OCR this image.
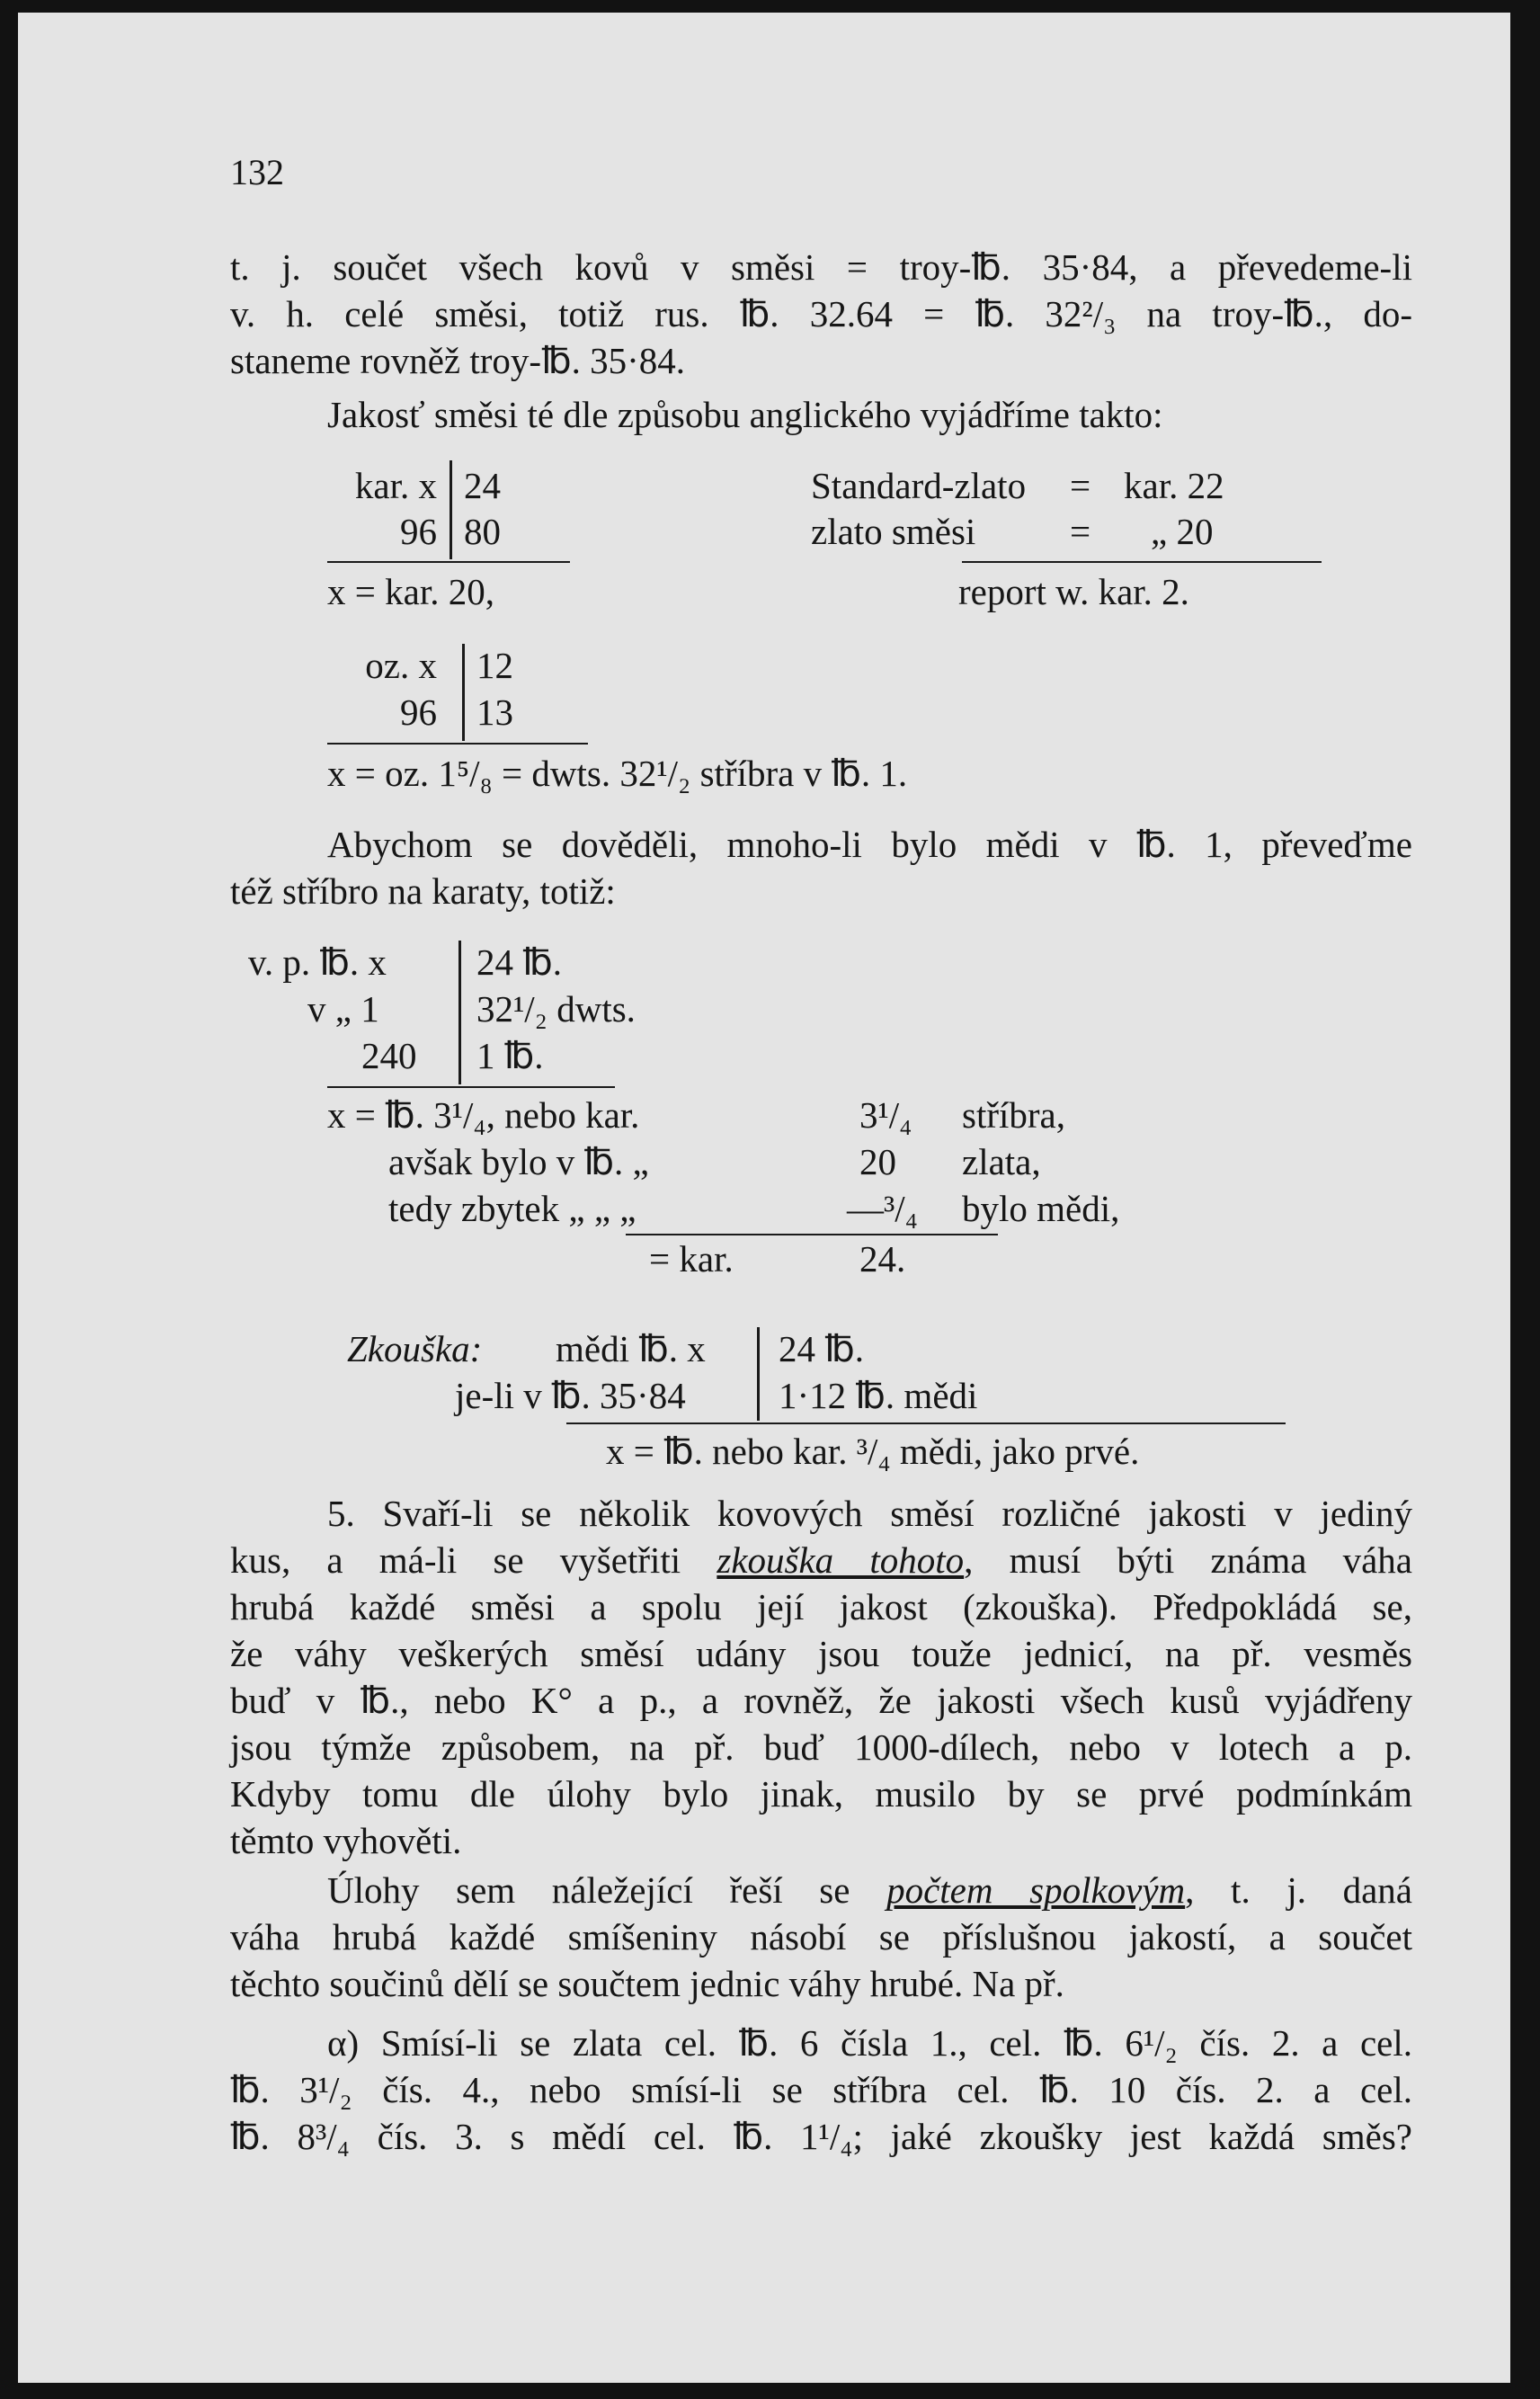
132
t. j. součet všech kovů v směsi = troy-℔. 35·84, a převedeme-li
v. h. celé směsi, totiž rus. ℔. 32.64 = ℔. 32²/₃ na troy-℔., do-
staneme rovněž troy-℔. 35·84.
Jakosť směsi té dle způsobu anglického vyjádříme takto:
kar. x 24
96 80
x = kar. 20,
Standard-zlato = kar. 22
zlato směsi	= „ 20
report w. kar. 2.
oz. x 12
96 13
x = oz. 1⁵/₈ = dwts. 32¹/₂ stříbra v ℔. 1.
Abychom se dověděli, mnoho-li bylo mědi v ℔. 1, převeďme
též stříbro na karaty, totiž:
v. p. ℔. x 24 ℔.
v „ 1	32¹/₂ dwts.
240 1 ℔.
x = ℔. 3¹/₄, nebo kar.	3¹/₄ stříbra,
avšak bylo v ℔. „	20 zlata,
tedy zbytek „ „ „	—³/₄ bylo mědi,
= kar.	24.
Zkouška: mědi ℔. x 24 ℔.
je-li v ℔. 35·84	1·12 ℔. mědi
x = ℔. nebo kar. ³/₄ mědi, jako prvé.
5. Svaří-li se několik kovových směsí rozličné jakosti v jediný
kus, a má-li se vyšetřiti zkouška tohoto, musí býti známa váha
hrubá každé směsi a spolu její jakost (zkouška). Předpokládá se,
že váhy veškerých směsí udány jsou touže jednicí, na př. vesměs
buď v ℔., nebo K° a p., a rovněž, že jakosti všech kusů vyjádřeny
jsou týmže způsobem, na př. buď 1000-dílech, nebo v lotech a p.
Kdyby tomu dle úlohy bylo jinak, musilo by se prvé podmínkám
těmto vyhověti.
Úlohy sem náležející řeší se počtem spolkovým, t. j. daná
váha hrubá každé smíšeniny násobí se příslušnou jakostí, a součet
těchto součinů dělí se součtem jednic váhy hrubé. Na př.
α) Smísí-li se zlata cel. ℔. 6 čísla 1., cel. ℔. 6¹/₂ čís. 2. a cel.
℔. 3¹/₂ čís. 4., nebo smísí-li se stříbra cel. ℔. 10 čís. 2. a cel.
℔. 8³/₄ čís. 3. s mědí cel. ℔. 1¹/₄; jaké zkoušky jest každá směs?
